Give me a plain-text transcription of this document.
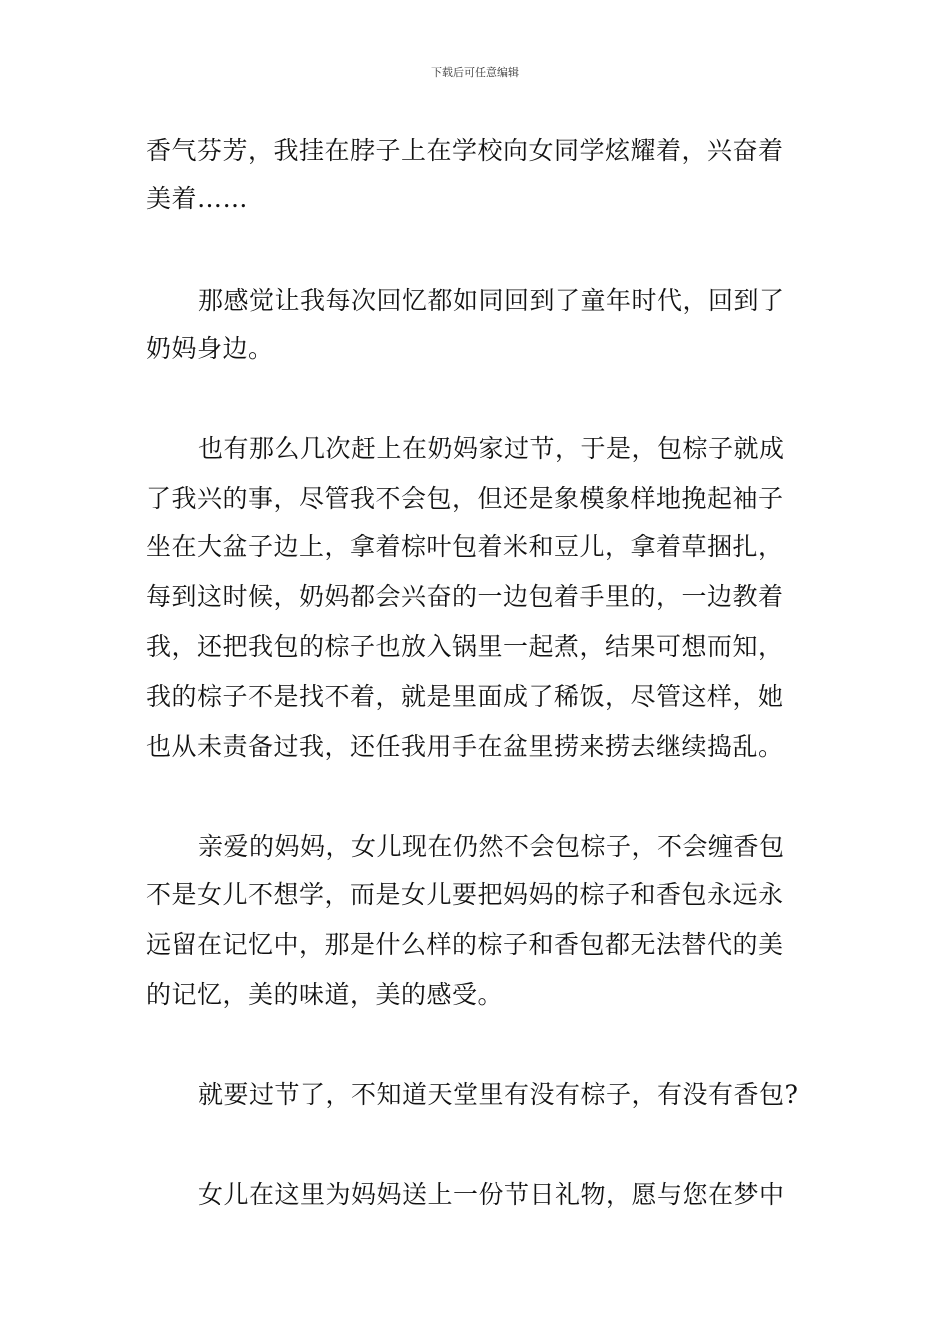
下载后可任意编辑
香气芬芳，我挂在脖子上在学校向女同学炫耀着，兴奋着
美着……
那感觉让我每次回忆都如同回到了童年时代，回到了
奶妈身边。
也有那么几次赶上在奶妈家过节，于是，包棕子就成
了我兴的事，尽管我不会包，但还是象模象样地挽起袖子
坐在大盆子边上，拿着棕叶包着米和豆儿，拿着草捆扎，
每到这时候，奶妈都会兴奋的一边包着手里的，一边教着
我，还把我包的棕子也放入锅里一起煮，结果可想而知，
我的棕子不是找不着，就是里面成了稀饭，尽管这样，她
也从未责备过我，还任我用手在盆里捞来捞去继续捣乱。
亲爱的妈妈，女儿现在仍然不会包棕子，不会缠香包
不是女儿不想学，而是女儿要把妈妈的棕子和香包永远永
远留在记忆中，那是什么样的棕子和香包都无法替代的美
的记忆，美的味道，美的感受。
就要过节了，不知道天堂里有没有棕子，有没有香包?
女儿在这里为妈妈送上一份节日礼物，愿与您在梦中
